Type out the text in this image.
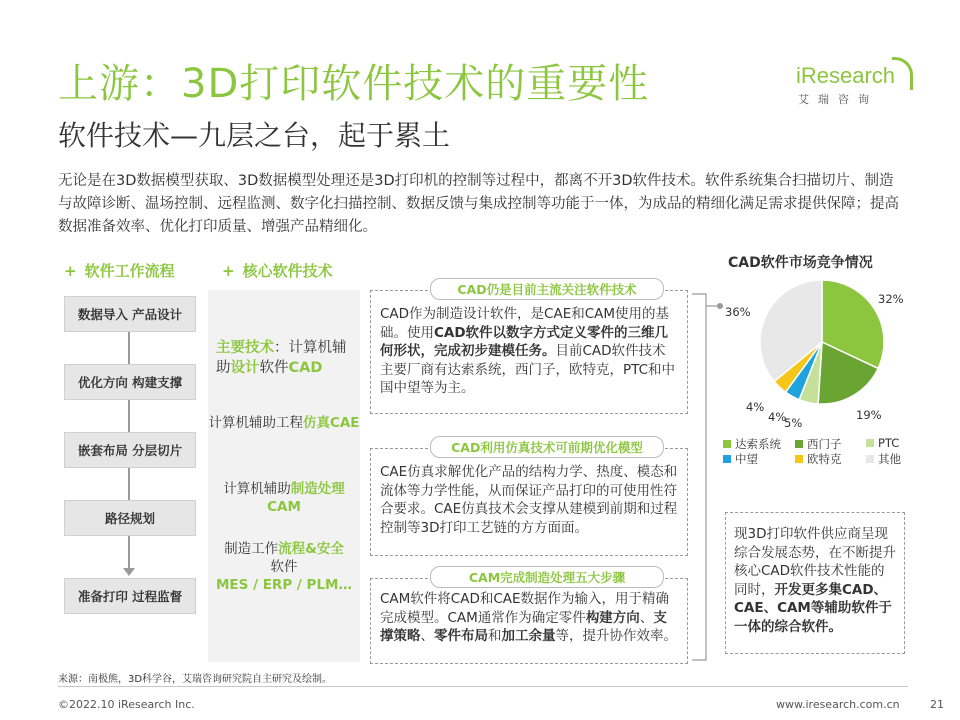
上游：3D打印软件技术的重要性
软件技术—九层之台，起于累土
iResearch
艾瑞咨询
无论是在3D数据模型获取、3D数据模型处理还是3D打印机的控制等过程中，都离不开3D软件技术。软件系统集合扫描切片、制造与故障诊断、温场控制、远程监测、数字化扫描控制、数据反馈与集成控制等功能于一体，为成品的精细化满足需求提供保障；提高数据准备效率、优化打印质量、增强产品精细化。
+ 软件工作流程
数据导入 产品设计
优化方向 构建支撑
嵌套布局 分层切片
路径规划
准备打印 过程监督
+ 核心软件技术
主要技术：计算机辅助设计软件CAD
计算机辅助工程仿真CAE
计算机辅助制造处理CAM
制造工作流程&安全
软件
MES / ERP / PLM…
CAD作为制造设计软件，是CAE和CAM使用的基础。使用CAD软件以数字方式定义零件的三维几何形状，完成初步建模任务。目前CAD软件技术主要厂商有达索系统，西门子，欧特克，PTC和中国中望等为主。
CAD仍是目前主流关注软件技术
CAE仿真求解优化产品的结构力学、热度、模态和流体等力学性能，从而保证产品打印的可使用性符合要求。CAE仿真技术会支撑从建模到前期和过程控制等3D打印工艺链的方方面面。
CAD利用仿真技术可前期优化模型
CAM软件将CAD和CAE数据作为输入，用于精确完成模型。CAM通常作为确定零件构建方向、支撑策略、零件布局和加工余量等，提升协作效率。
CAM完成制造处理五大步骤
CAD软件市场竞争情况
32%
19%
5%
4%
4%
36%
达索系统 西门子	PTC
中望	欧特克	其他
现3D打印软件供应商呈现综合发展态势，在不断提升核心CAD软件技术性能的同时，开发更多集CAD、CAE、CAM等辅助软件于一体的综合软件。
来源：南极熊，3D科学谷，艾瑞咨询研究院自主研究及绘制。
©2022.10 iResearch Inc.	www.iresearch.com.cn	21
